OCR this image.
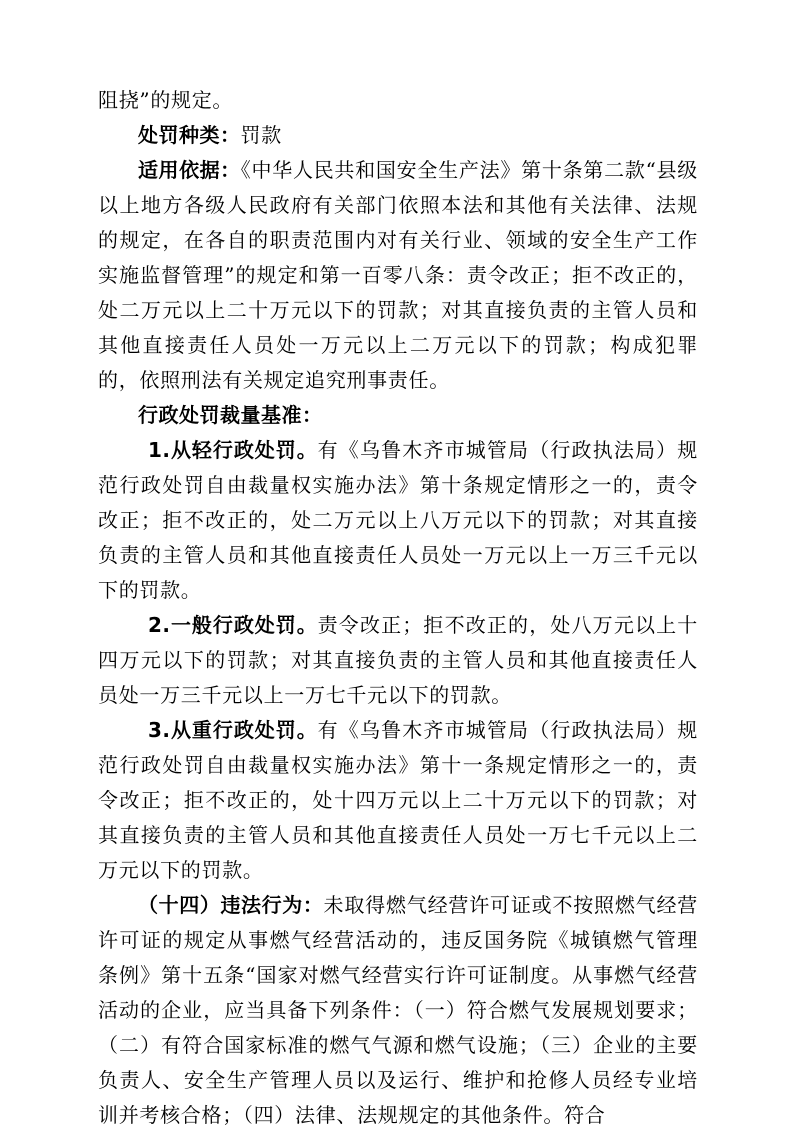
阻挠”的规定。

处罚种类：罚款

适用依据：《中华人民共和国安全生产法》第十条第二款“县级以上地方各级人民政府有关部门依照本法和其他有关法律、法规的规定，在各自的职责范围内对有关行业、领域的安全生产工作实施监督管理”的规定和第一百零八条：责令改正；拒不改正的，处二万元以上二十万元以下的罚款；对其直接负责的主管人员和其他直接责任人员处一万元以上二万元以下的罚款；构成犯罪的，依照刑法有关规定追究刑事责任。

行政处罚裁量基准：

1.从轻行政处罚。有《乌鲁木齐市城管局（行政执法局）规范行政处罚自由裁量权实施办法》第十条规定情形之一的，责令改正；拒不改正的，处二万元以上八万元以下的罚款；对其直接负责的主管人员和其他直接责任人员处一万元以上一万三千元以下的罚款。

2.一般行政处罚。责令改正；拒不改正的，处八万元以上十四万元以下的罚款；对其直接负责的主管人员和其他直接责任人员处一万三千元以上一万七千元以下的罚款。

3.从重行政处罚。有《乌鲁木齐市城管局（行政执法局）规范行政处罚自由裁量权实施办法》第十一条规定情形之一的，责令改正；拒不改正的，处十四万元以上二十万元以下的罚款；对其直接负责的主管人员和其他直接责任人员处一万七千元以上二万元以下的罚款。

（十四）违法行为：未取得燃气经营许可证或不按照燃气经营许可证的规定从事燃气经营活动的，违反国务院《城镇燃气管理条例》第十五条“国家对燃气经营实行许可证制度。从事燃气经营活动的企业，应当具备下列条件：（一）符合燃气发展规划要求；（二）有符合国家标准的燃气气源和燃气设施；（三）企业的主要负责人、安全生产管理人员以及运行、维护和抢修人员经专业培训并考核合格；（四）法律、法规规定的其他条件。符合
